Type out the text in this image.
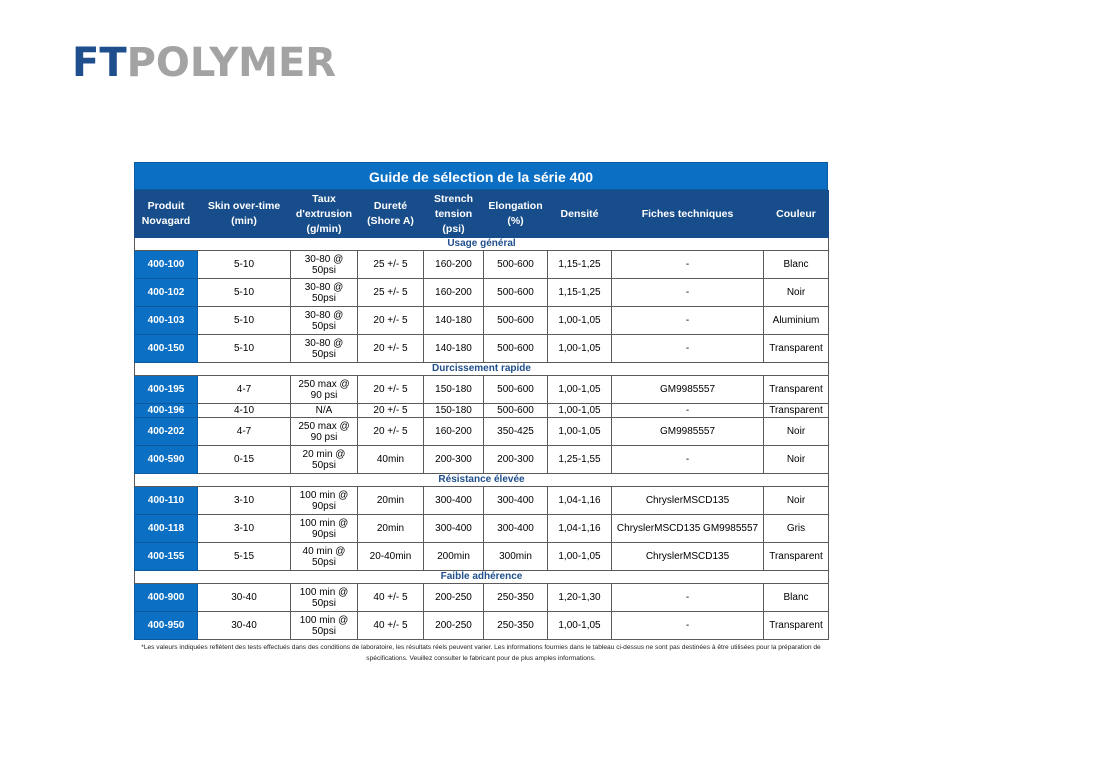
FTPOLYMER
Guide de sélection de la série 400
Produit Novagard	Skin over-time (min)	Taux d'extrusion (g/min)	Dureté (Shore A)	Strench tension (psi)	Elongation (%)	Densité	Fiches techniques	Couleur
Usage général								
400-100	5-10	30-80 @ 50psi	25 +/- 5	160-200	500-600	1,15-1,25	-	Blanc
400-102	5-10	30-80 @ 50psi	25 +/- 5	160-200	500-600	1,15-1,25	-	Noir
400-103	5-10	30-80 @ 50psi	20 +/- 5	140-180	500-600	1,00-1,05	-	Aluminium
400-150	5-10	30-80 @ 50psi	20 +/- 5	140-180	500-600	1,00-1,05	-	Transparent
Durcissement rapide								
400-195	4-7	250 max @ 90 psi	20 +/- 5	150-180	500-600	1,00-1,05	GM9985557	Transparent
400-196	4-10	N/A	20 +/- 5	150-180	500-600	1,00-1,05	-	Transparent
400-202	4-7	250 max @ 90 psi	20 +/- 5	160-200	350-425	1,00-1,05	GM9985557	Noir
400-590	0-15	20 min @ 50psi	40min	200-300	200-300	1,25-1,55	-	Noir
Résistance élevée								
400-110	3-10	100 min @ 90psi	20min	300-400	300-400	1,04-1,16	ChryslerMSCD135	Noir
400-118	3-10	100 min @ 90psi	20min	300-400	300-400	1,04-1,16	ChryslerMSCD135 GM9985557	Gris
400-155	5-15	40 min @ 50psi	20-40min	200min	300min	1,00-1,05	ChryslerMSCD135	Transparent
Faible adhérence								
400-900	30-40	100 min @ 50psi	40 +/- 5	200-250	250-350	1,20-1,30	-	Blanc
400-950	30-40	100 min @ 50psi	40 +/- 5	200-250	250-350	1,00-1,05	-	Transparent
*Les valeurs indiquées reflètent des tests effectués dans des conditions de laboratoire, les résultats réels peuvent varier. Les informations fournies dans le tableau ci-dessus ne sont pas destinées à être utilisées pour la préparation de spécifications. Veuillez consulter le fabricant pour de plus amples informations.
